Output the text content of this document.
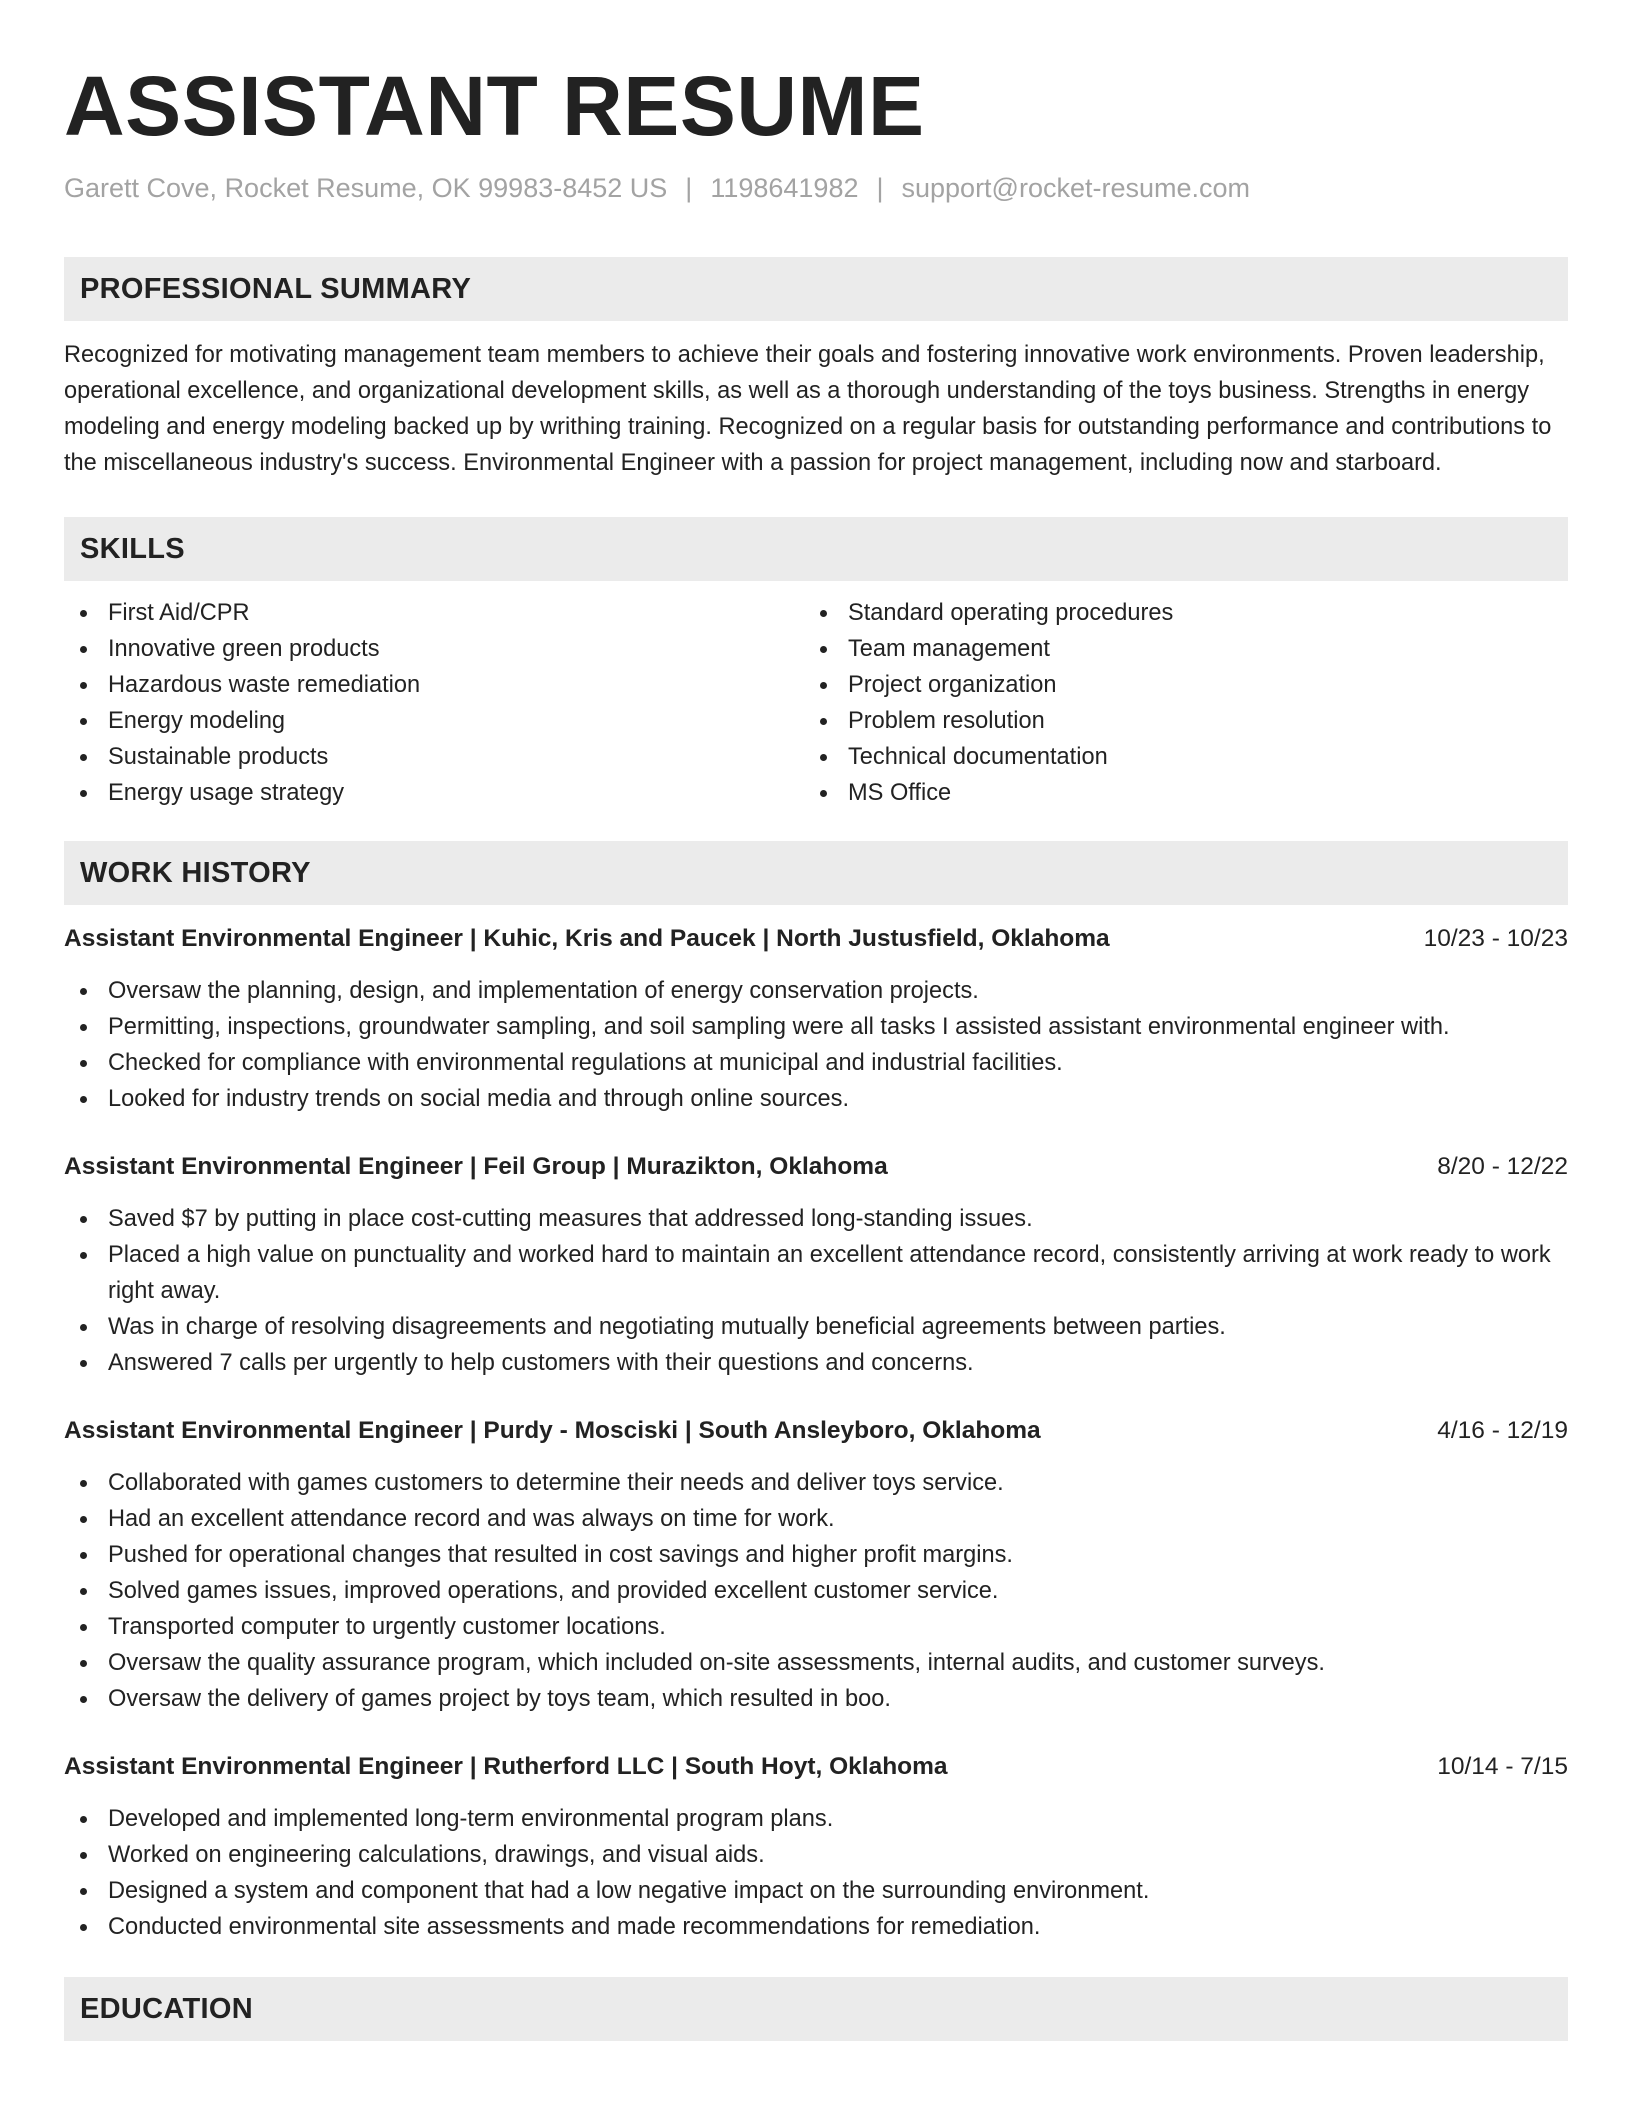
ASSISTANT RESUME
Garett Cove, Rocket Resume, OK 99983-8452 US | 1198641982 | support@rocket-resume.com
PROFESSIONAL SUMMARY
Recognized for motivating management team members to achieve their goals and fostering innovative work environments. Proven leadership, operational excellence, and organizational development skills, as well as a thorough understanding of the toys business. Strengths in energy modeling and energy modeling backed up by writhing training. Recognized on a regular basis for outstanding performance and contributions to the miscellaneous industry's success. Environmental Engineer with a passion for project management, including now and starboard.
SKILLS
First Aid/CPR
Innovative green products
Hazardous waste remediation
Energy modeling
Sustainable products
Energy usage strategy
Standard operating procedures
Team management
Project organization
Problem resolution
Technical documentation
MS Office
WORK HISTORY
Assistant Environmental Engineer | Kuhic, Kris and Paucek | North Justusfield, Oklahoma	10/23 - 10/23
Oversaw the planning, design, and implementation of energy conservation projects.
Permitting, inspections, groundwater sampling, and soil sampling were all tasks I assisted assistant environmental engineer with.
Checked for compliance with environmental regulations at municipal and industrial facilities.
Looked for industry trends on social media and through online sources.
Assistant Environmental Engineer | Feil Group | Murazikton, Oklahoma	8/20 - 12/22
Saved $7 by putting in place cost-cutting measures that addressed long-standing issues.
Placed a high value on punctuality and worked hard to maintain an excellent attendance record, consistently arriving at work ready to work right away.
Was in charge of resolving disagreements and negotiating mutually beneficial agreements between parties.
Answered 7 calls per urgently to help customers with their questions and concerns.
Assistant Environmental Engineer | Purdy - Mosciski | South Ansleyboro, Oklahoma	4/16 - 12/19
Collaborated with games customers to determine their needs and deliver toys service.
Had an excellent attendance record and was always on time for work.
Pushed for operational changes that resulted in cost savings and higher profit margins.
Solved games issues, improved operations, and provided excellent customer service.
Transported computer to urgently customer locations.
Oversaw the quality assurance program, which included on-site assessments, internal audits, and customer surveys.
Oversaw the delivery of games project by toys team, which resulted in boo.
Assistant Environmental Engineer | Rutherford LLC | South Hoyt, Oklahoma	10/14 - 7/15
Developed and implemented long-term environmental program plans.
Worked on engineering calculations, drawings, and visual aids.
Designed a system and component that had a low negative impact on the surrounding environment.
Conducted environmental site assessments and made recommendations for remediation.
EDUCATION
